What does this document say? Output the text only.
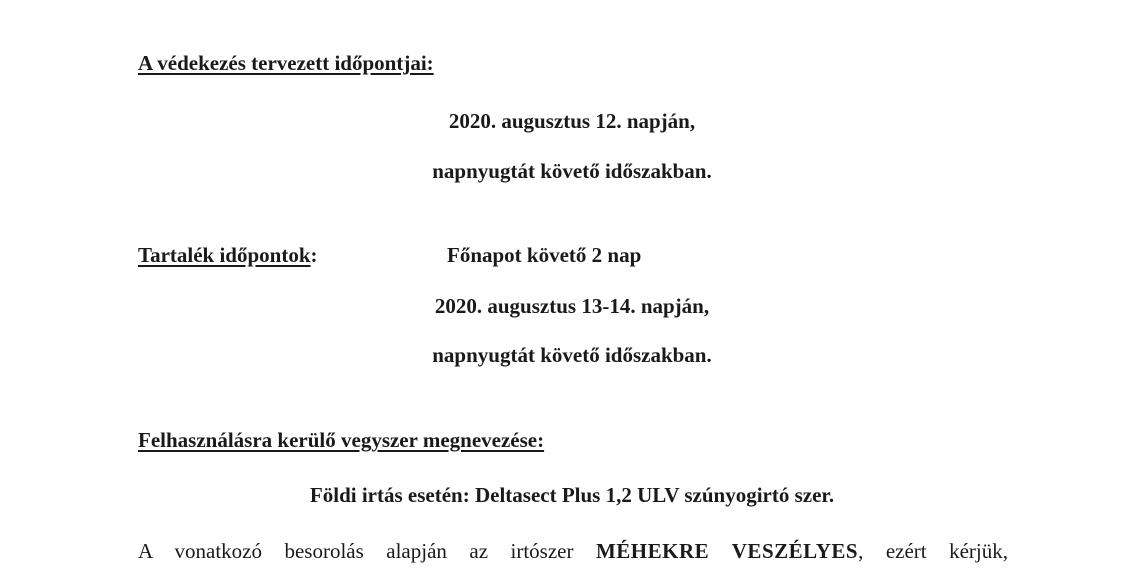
A védekezés tervezett időpontjai:
2020. augusztus 12. napján,
napnyugtát követő időszakban.
Tartalék időpontok:	Főnapot követő 2 nap
2020. augusztus 13-14. napján,
napnyugtát követő időszakban.
Felhasználásra kerülő vegyszer megnevezése:
Földi irtás esetén: Deltasect Plus 1,2 ULV szúnyogirtó szer.
A vonatkozó besorolás alapján az irtószer MÉHEKRE VESZÉLYES, ezért kérjük,
